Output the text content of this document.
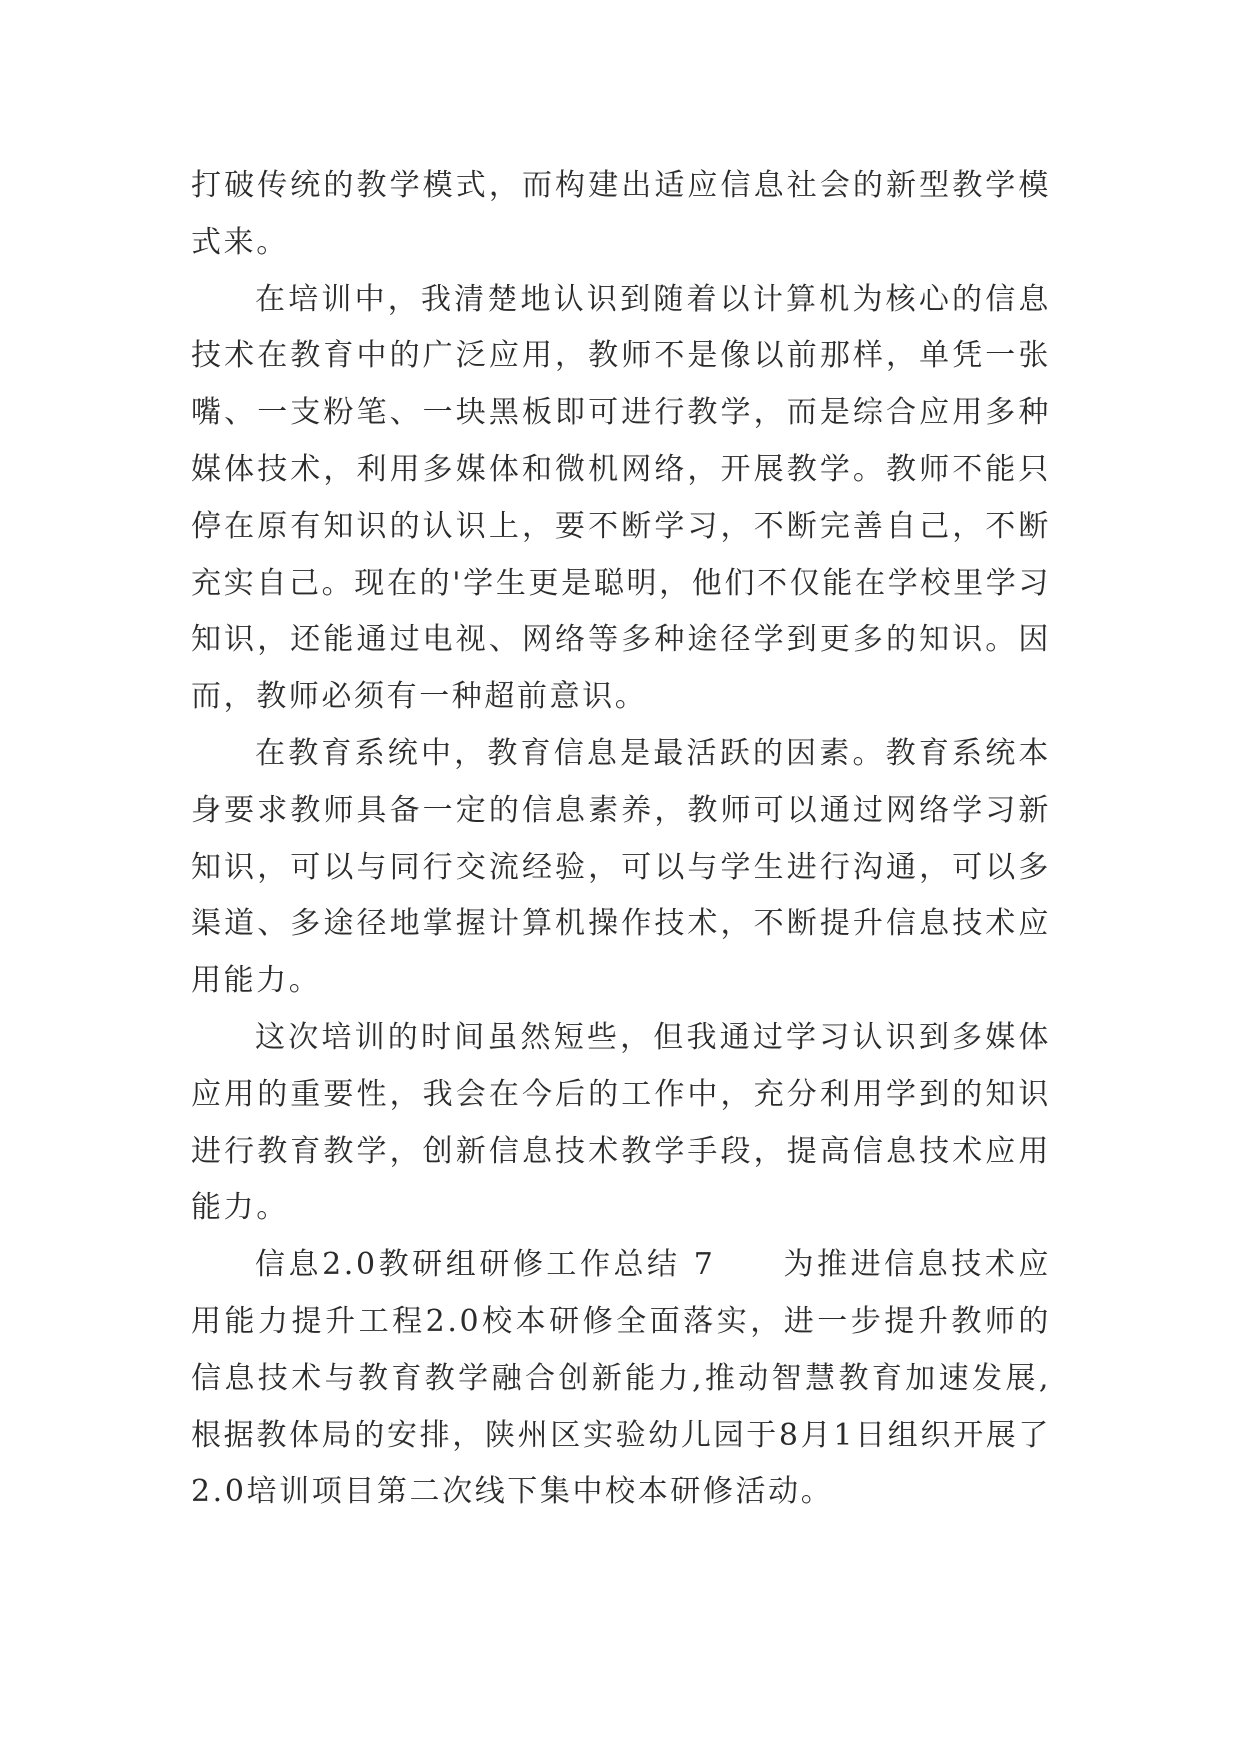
打破传统的教学模式，而构建出适应信息社会的新型教学模式来。

在培训中，我清楚地认识到随着以计算机为核心的信息技术在教育中的广泛应用，教师不是像以前那样，单凭一张嘴、一支粉笔、一块黑板即可进行教学，而是综合应用多种媒体技术，利用多媒体和微机网络，开展教学。教师不能只停在原有知识的认识上，要不断学习，不断完善自己，不断充实自己。现在的'学生更是聪明，他们不仅能在学校里学习知识，还能通过电视、网络等多种途径学到更多的知识。因而，教师必须有一种超前意识。

在教育系统中，教育信息是最活跃的因素。教育系统本身要求教师具备一定的信息素养，教师可以通过网络学习新知识，可以与同行交流经验，可以与学生进行沟通，可以多渠道、多途径地掌握计算机操作技术，不断提升信息技术应用能力。

这次培训的时间虽然短些，但我通过学习认识到多媒体应用的重要性，我会在今后的工作中，充分利用学到的知识进行教育教学，创新信息技术教学手段，提高信息技术应用能力。

信息2.0教研组研修工作总结 7　　为推进信息技术应用能力提升工程2.0校本研修全面落实，进一步提升教师的信息技术与教育教学融合创新能力,推动智慧教育加速发展,根据教体局的安排，陕州区实验幼儿园于8月1日组织开展了2.0培训项目第二次线下集中校本研修活动。
